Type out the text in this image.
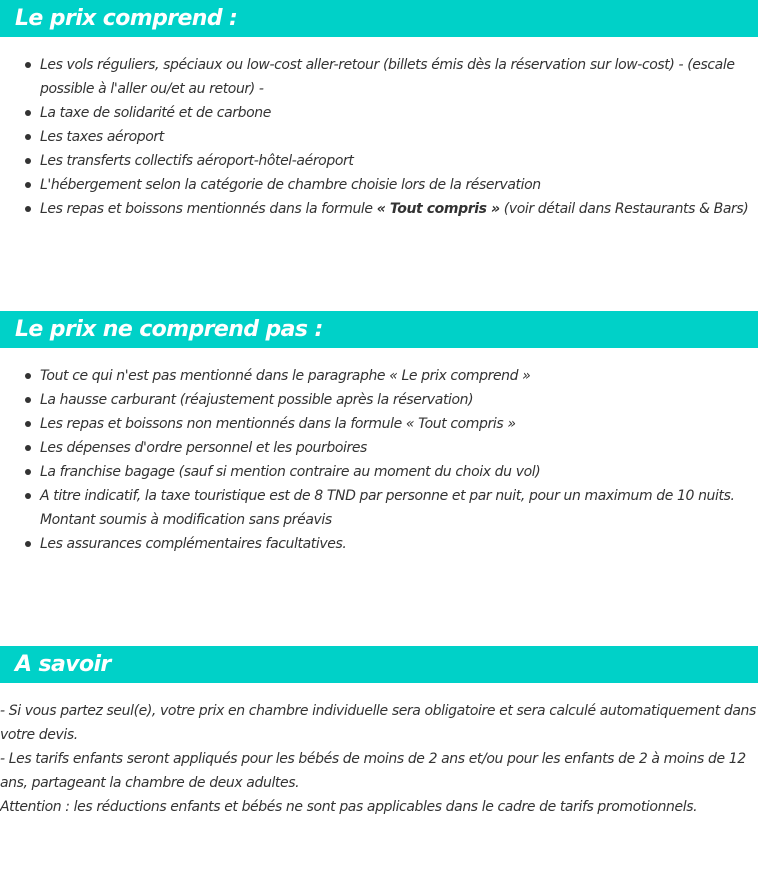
Le prix comprend :
Les vols réguliers, spéciaux ou low-cost aller-retour (billets émis dès la réservation sur low-cost) - (escale possible à l'aller ou/et au retour) -
La taxe de solidarité et de carbone
Les taxes aéroport
Les transferts collectifs aéroport-hôtel-aéroport
L'hébergement selon la catégorie de chambre choisie lors de la réservation
Les repas et boissons mentionnés dans la formule « Tout compris » (voir détail dans Restaurants & Bars)
Le prix ne comprend pas :
Tout ce qui n'est pas mentionné dans le paragraphe « Le prix comprend »
La hausse carburant (réajustement possible après la réservation)
Les repas et boissons non mentionnés dans la formule « Tout compris »
Les dépenses d'ordre personnel et les pourboires
La franchise bagage (sauf si mention contraire au moment du choix du vol)
A titre indicatif, la taxe touristique est de 8 TND par personne et par nuit, pour un maximum de 10 nuits. Montant soumis à modification sans préavis
Les assurances complémentaires facultatives.
A savoir

- Si vous partez seul(e), votre prix en chambre individuelle sera obligatoire et sera calculé automatiquement dans votre devis.

- Les tarifs enfants seront appliqués pour les bébés de moins de 2 ans et/ou pour les enfants de 2 à moins de 12 ans, partageant la chambre de deux adultes.

Attention : les réductions enfants et bébés ne sont pas applicables dans le cadre de tarifs promotionnels.
